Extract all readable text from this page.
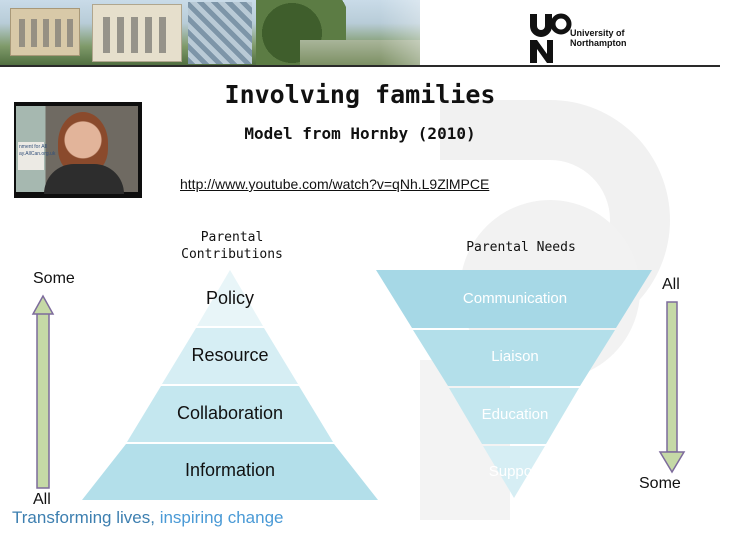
University of
Northampton
Involving families
Model from Hornby (2010)
nment for All
ay.AllCan.org.uk
http://www.youtube.com/watch?v=qNh.L9ZlMPCE
Parental
Contributions	Parental Needs
Some
All
All
Some
Policy
Resource
Collaboration
Information
Communication
Liaison
Education
Support
Transforming lives, inspiring change
